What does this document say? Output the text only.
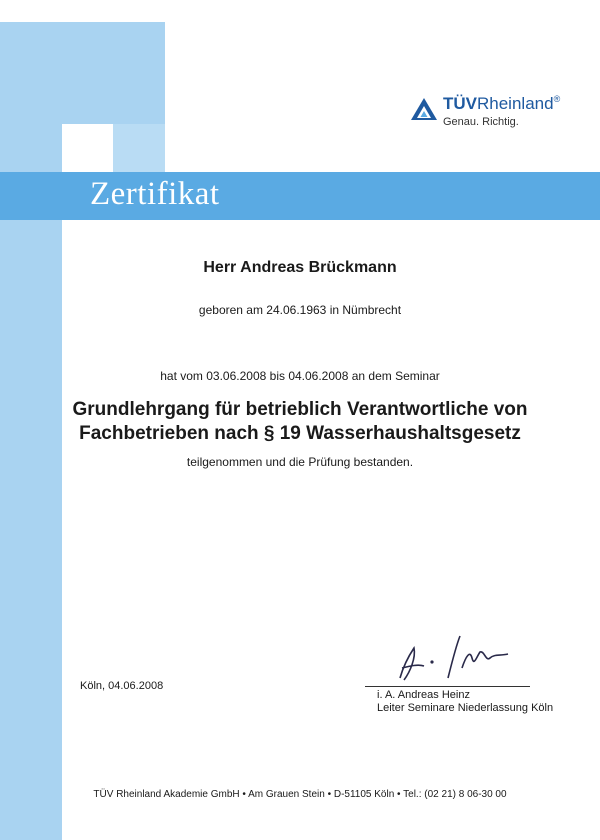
Zertifikat
TÜVRheinland®
Genau. Richtig.
Herr Andreas Brückmann
geboren am 24.06.1963 in Nümbrecht
hat vom 03.06.2008 bis 04.06.2008 an dem Seminar
Grundlehrgang für betrieblich Verantwortliche von
Fachbetrieben nach § 19 Wasserhaushaltsgesetz
teilgenommen und die Prüfung bestanden.
Köln, 04.06.2008
i. A. Andreas Heinz
Leiter Seminare Niederlassung Köln
TÜV Rheinland Akademie GmbH • Am Grauen Stein • D-51105 Köln • Tel.: (02 21) 8 06-30 00
